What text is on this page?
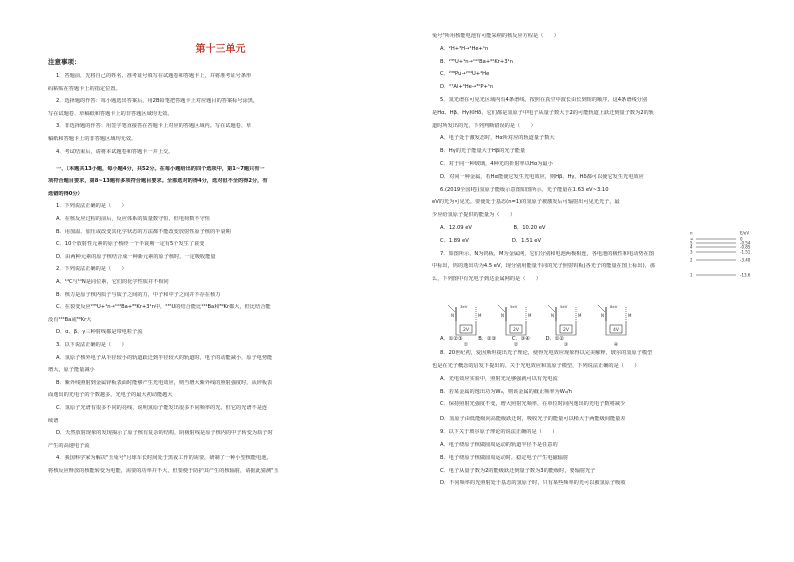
第十三单元
注意事项：
1．答题前，先将自己的姓名、准考证号填写在试题卷和答题卡上，并将准考证号条形
码粘贴在答题卡上的指定位置。
2．选择题的作答：每小题选出答案后，用2B铅笔把答题卡上对应题目的答案标号涂黑，
写在试题卷、草稿纸和答题卡上的非答题区域均无效。
3．非选择题的作答：用签字笔直接答在答题卡上对应的答题区域内。写在试题卷、草
稿纸和答题卡上的非答题区域均无效。
4．考试结束后，请将本试题卷和答题卡一并上交。
一、（本题共13小题，每小题4分，共52分。在每小题给出的四个选项中，第1~7题只有一
项符合题目要求，第8~13题有多项符合题目要求。全部选对的得4分，选对但不全的得2分，有
选错的得0分）
1．下列说法正确的是（　　）
A．在核反应过程的前后，反应体系的质量数守恒，但电荷数不守恒
B．用加温、加压或改变其化学状态的方法都不能改变放射性原子核的半衰期
C．10个放射性元素的原子核经一个半衰期一定有5个发生了衰变
D．由两种元素的原子核结合成一种新元素的原子核时，一定吸收能量
2．下列说法正确的是（　　）
A．¹⁴C与¹⁴N是同位素，它们的化学性质并不相同
B．核力是原子核内质子与质子之间的力，中子和中子之间并不存在核力
C．在裂变反应²³⁵U+¹n→¹⁴⁴Ba+⁸⁹Kr+3¹n中，²³⁵U的结合能比¹⁴⁴Ba和⁸⁹Kr都大，但比结合能
没有¹⁴⁴Ba或⁸⁹Kr大
D．α、β、γ三种射线都是带电粒子流
3．以下说法正确的是（　　）
A．氢原子核外电子从半径较小的轨道跃迁到半径较大的轨道时，电子的动能减小，原子电势能
增大，原子能量减小
B．紫外线照射到金属锌板表面时能够产生光电效应，则当增大紫外线的照射强度时，从锌板表
面逸出的光电子的个数越多，光电子的最大初动能越大
C．氢原子光谱有很多不同的亮线，说明氢原子能发出很多不同频率的光，但它的光谱不是连
续谱
D．天然放射现象的发现揭示了原子核有复杂的结构，阴极射线是原子核内的中子转变为质子时
产生的高速电子流
4．我国科学家为解决"玉兔号"月球车长时间处于黑夜工作的需要，研制了一种小型核能电池，
将核反应释放的核能转变为电能，需要的功率并不大，但要便于防护其产生的核辐射，请据此猜测"玉
兔号"所用核能电池有可能采纳的核反应方程是（　　）
A．²H+³H→⁴He+¹n
B．²³⁵U+¹n→¹⁴¹Ba+⁹²Kr+3¹n
C．²³⁸Pu→²³⁴U+⁴He
D．²⁷Al+⁴He→³⁰P+¹n
5．氢光谱在可见光区域内有4条谱线，按照在真空中波长由长到短的顺序，这4条谱线分别
是Hα、Hβ、Hγ和Hδ，它们都是氢原子中电子从量子数大于2的可能轨道上跃迁到量子数为2的轨
道时所发出的光，下列判断错误的是（　　）
A．电子处于激发态时，Hα所对应的轨道量子数大
B．Hγ的光子能量大于Hβ的光子能量
C．对于同一种玻璃，4种光的折射率以Hα为最小
D．对同一种金属，若Hα能使它发生光电效应，则Hβ、Hγ、Hδ都可以使它发生光电效应
6.(2019全国I卷)氢原子能级示意图如图所示。光子能量在1.63 eV~3.10
eV的光为可见光。要使处于基态(n=1)的氢原子被激发后可辐射出可见光光子，最
少应给氢原子提供的能量为（　　）
A．12.09 eV　　　　　　　　B．10.20 eV
C．1.89 eV　　　　　　　　 D．1.51 eV
7．如图所示，N为钨板，M为金属网，它们分别和电池两极相连，各电池的极性和电动势在图
中标出，钨的逸出功为4.5 eV，现分别用能量不同的光子照射钨板(各光子的能量在图上标出)，那
么，下列图中有光电子到达金属网的是（　　）
A．①②③　　　B．②③　　　C．③④　　　D．①②
8．20世纪初，爱因斯坦提出光子理论，使得光电效应现象得以完美解释，玻尔的氢原子模型
也是在光子概念的启发下提出的。关于光电效应和氢原子模型，下列说法正确的是（　　）
A．光电效应实验中，照射光足够强就可以有光电流
B．若某金属的逸出功为W₀，则该金属的截止频率为W₀/h
C．保持照射光强度不变，增大照射光频率，在单位时间内逸出的光电子数将减少
D．氢原子由低能级向高能级跃迁时，吸收光子的能量可以稍大于两能级间能量差
9．以下关于玻尔原子理论的说法正确的是（　　）
A．电子绕原子核做圆周运动的轨道半径不是任意的
B．电子绕原子核做圆周运动时，稳定电子产生电磁辐射
C．电子从量子数为2的能级跃迁到量子数为3的能级时，要辐射光子
D．不同频率的光照射处于基态的氢原子时，只有某些频率的光可以被氢原子吸收
n	E/eV
∞	0
5	-0.54
4	-0.85
3	-1.51
2	-3.40
1	-13.6
2V
3eV
N	M
①
2V
5eV
N	M
②
2V
5eV
N	M
③
4V
8eV
N	M
④
